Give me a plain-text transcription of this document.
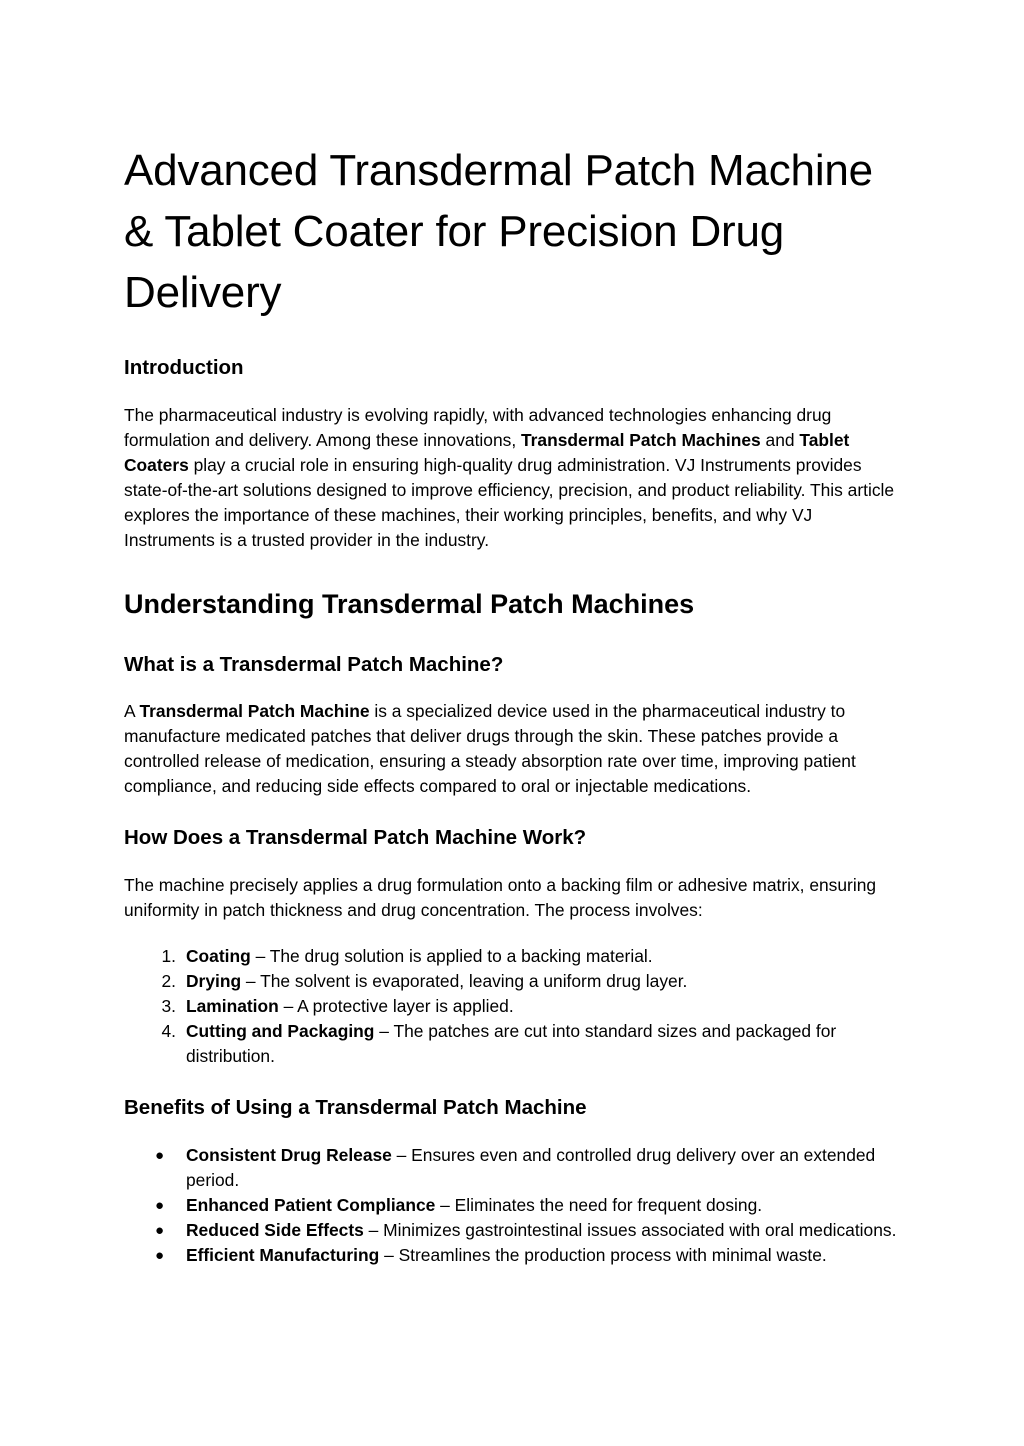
Advanced Transdermal Patch Machine & Tablet Coater for Precision Drug Delivery
Introduction

The pharmaceutical industry is evolving rapidly, with advanced technologies enhancing drug formulation and delivery. Among these innovations, Transdermal Patch Machines and Tablet Coaters play a crucial role in ensuring high-quality drug administration. VJ Instruments provides state-of-the-art solutions designed to improve efficiency, precision, and product reliability. This article explores the importance of these machines, their working principles, benefits, and why VJ Instruments is a trusted provider in the industry.

Understanding Transdermal Patch Machines
What is a Transdermal Patch Machine?

A Transdermal Patch Machine is a specialized device used in the pharmaceutical industry to manufacture medicated patches that deliver drugs through the skin. These patches provide a controlled release of medication, ensuring a steady absorption rate over time, improving patient compliance, and reducing side effects compared to oral or injectable medications.

How Does a Transdermal Patch Machine Work?

The machine precisely applies a drug formulation onto a backing film or adhesive matrix, ensuring uniformity in patch thickness and drug concentration. The process involves:

1. Coating – The drug solution is applied to a backing material.
2. Drying – The solvent is evaporated, leaving a uniform drug layer.
3. Lamination – A protective layer is applied.
4. Cutting and Packaging – The patches are cut into standard sizes and packaged for distribution.
Benefits of Using a Transdermal Patch Machine
● Consistent Drug Release – Ensures even and controlled drug delivery over an extended period.
● Enhanced Patient Compliance – Eliminates the need for frequent dosing.
● Reduced Side Effects – Minimizes gastrointestinal issues associated with oral medications.
● Efficient Manufacturing – Streamlines the production process with minimal waste.
